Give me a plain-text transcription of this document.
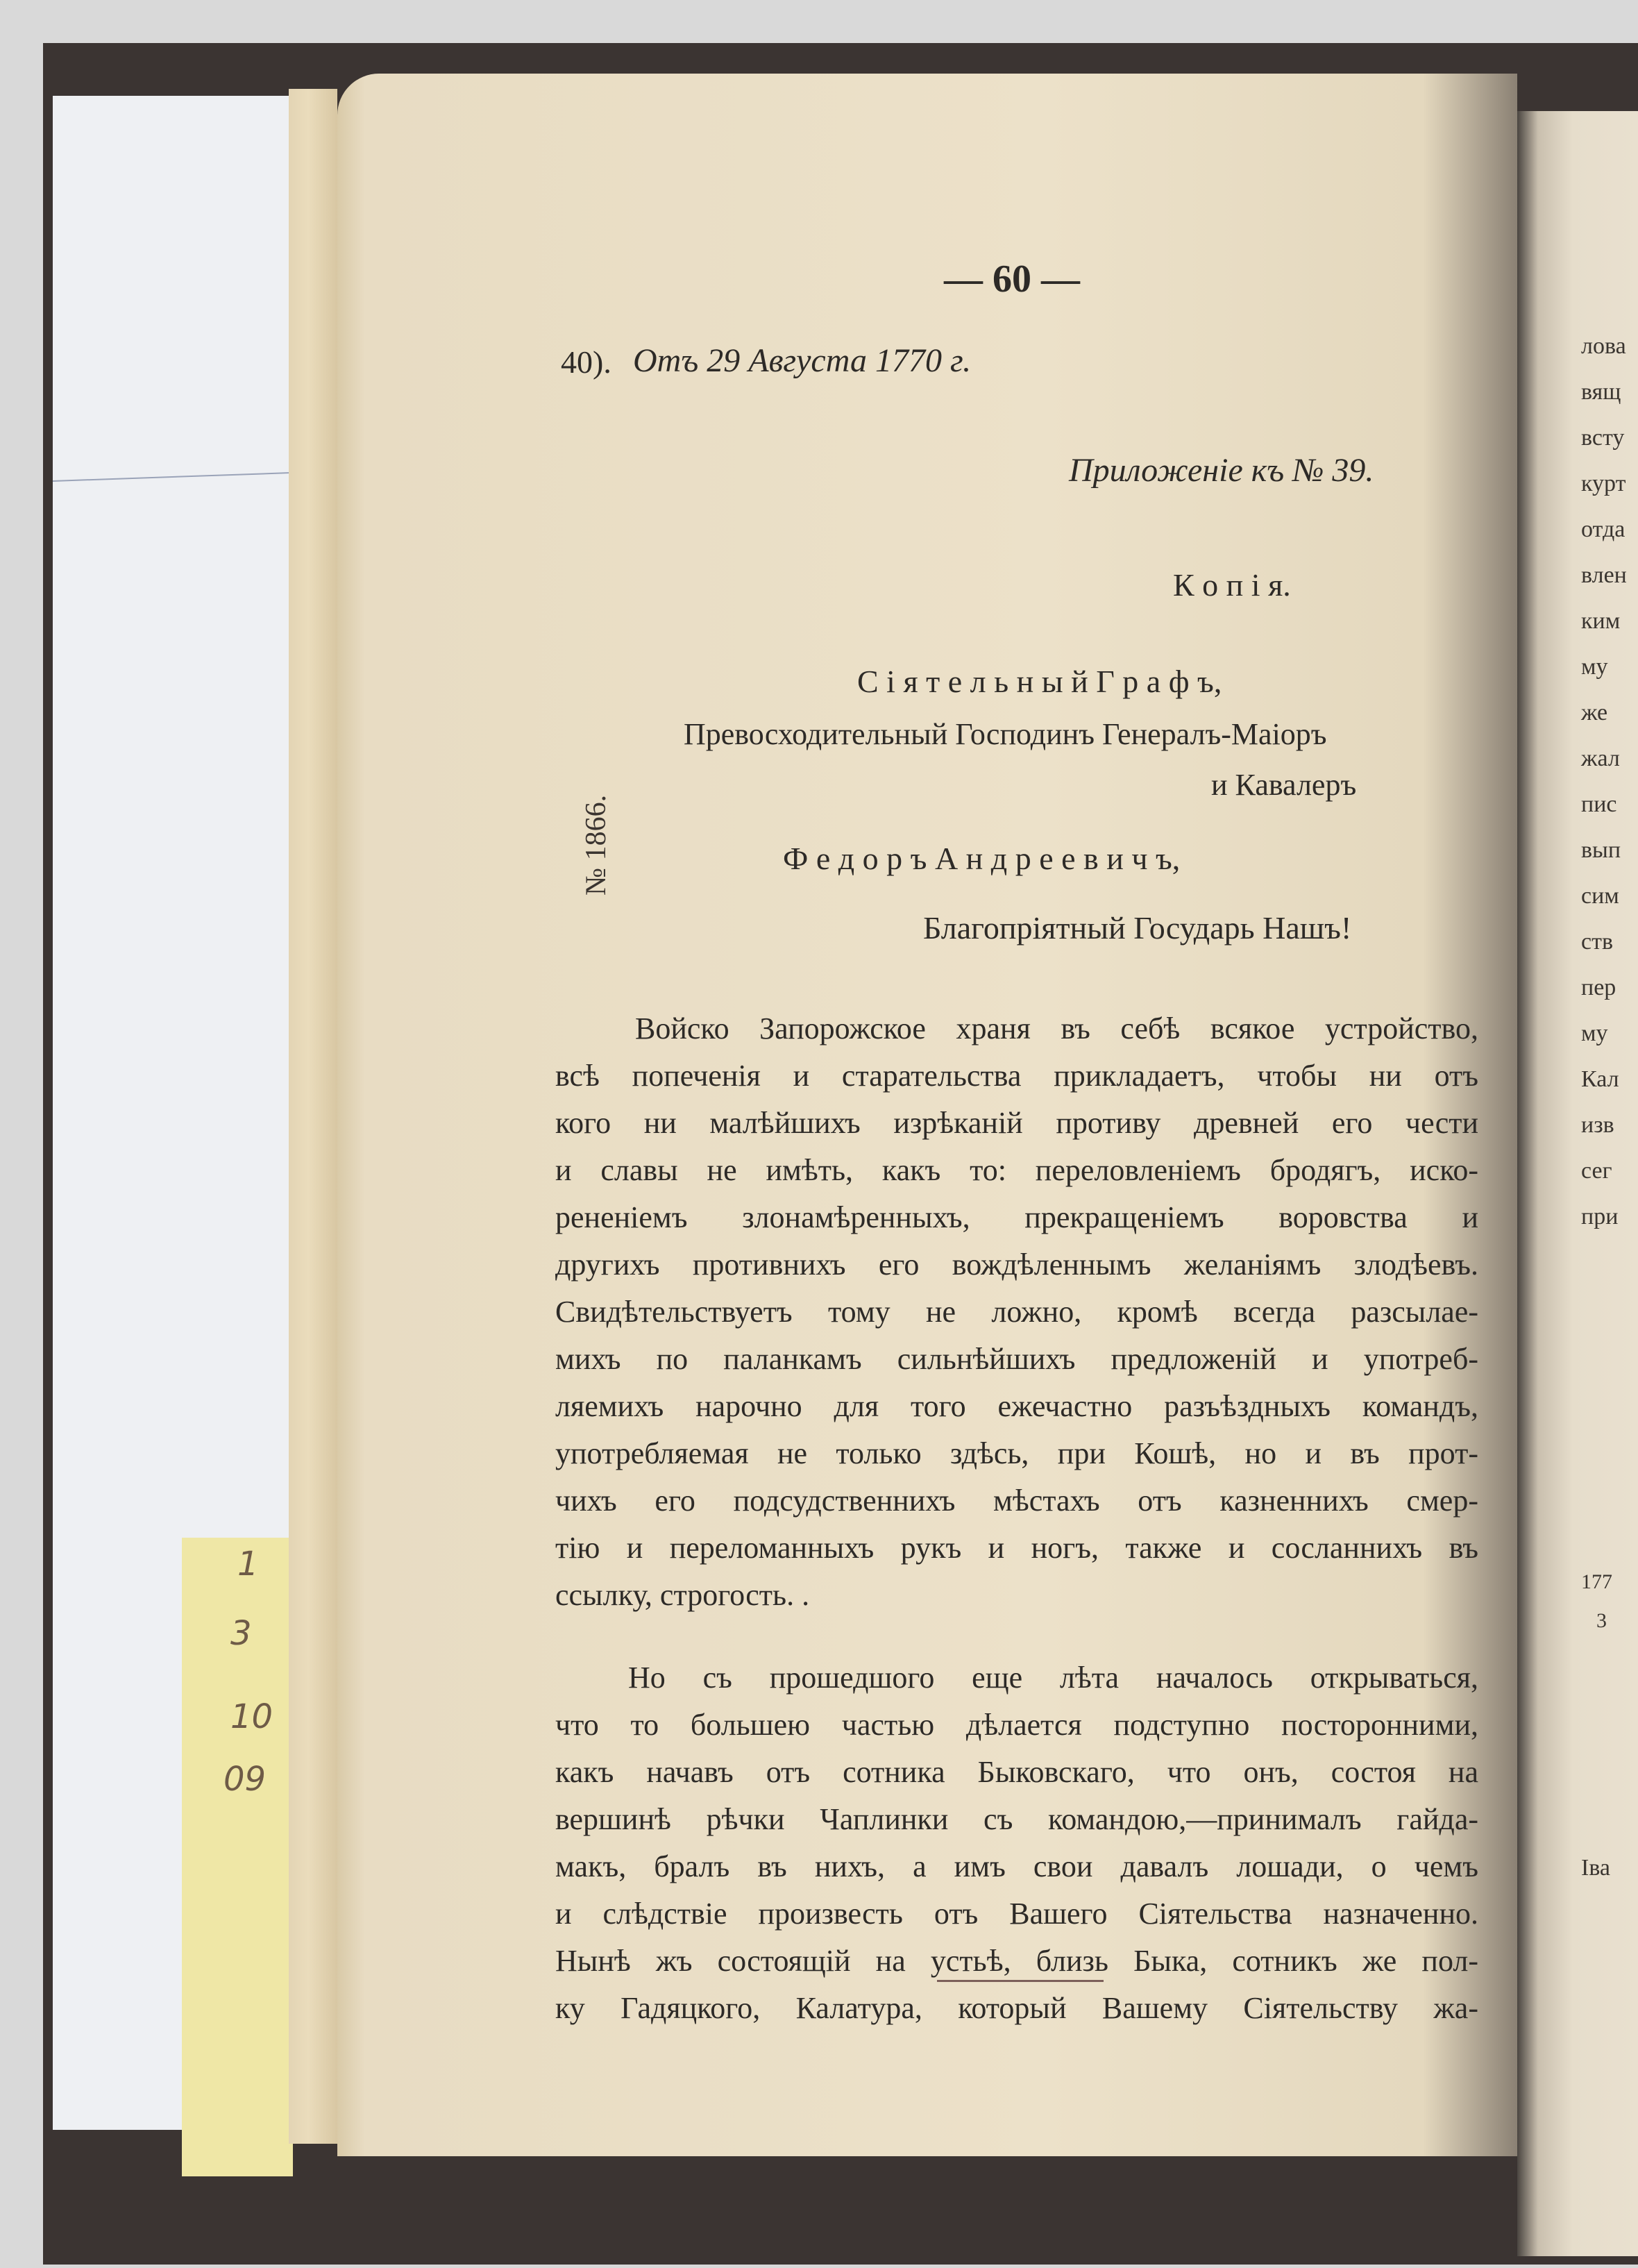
1
3
10
09
— 60 —
40). Отъ 29 Августа 1770 г.
Приложеніе къ № 39.
К о п і я.
С і я т е л ь н ы й Г р а ф ъ,
Превосходительный Господинъ Генералъ-Маіоръ
и Кавалеръ
Ф е д о р ъ А н д р е е в и ч ъ,
Благопріятный Государь Нашъ!
№ 1866.
Войско Запорожское храня въ себѣ всякое устройство,
всѣ попеченія и старательства прикладаетъ, чтобы ни отъ
кого ни малѣйшихъ изрѣканій противу древней его чести
и славы не имѣть, какъ то: переловленіемъ бродягъ, иско-
рененіемъ злонамѣренныхъ, прекращеніемъ воровства и
другихъ противнихъ его вождѣленнымъ желаніямъ злодѣевъ.
Свидѣтельствуетъ тому не ложно, кромѣ всегда разсылае-
михъ по паланкамъ сильнѣйшихъ предложеній и употреб-
ляемихъ нарочно для того ежечастно разъѣздныхъ командъ,
употребляемая не только здѣсь, при Кошѣ, но и въ прот-
чихъ его подсудственнихъ мѣстахъ отъ казненнихъ смер-
тію и переломанныхъ рукъ и ногъ, также и сосланнихъ въ
ссылку, строгость. .
Но съ прошедшого еще лѣта началось открываться,
что то большею частью дѣлается подступно посторонними,
какъ начавъ отъ сотника Быковскаго, что онъ, состоя на
вершинѣ рѣчки Чаплинки съ командою,—принималъ гайда-
макъ, бралъ въ нихъ, а имъ свои давалъ лошади, о чемъ
и слѣдствіе произвесть отъ Вашего Сіятельства назначенно.
Нынѣ жъ состоящій на устьѣ, близь Быка, сотникъ же пол-
ку Гадяцкого, Калатура, который Вашему Сіятельству жа-
лова
вящ
всту
курт
отда
влен
ким
му
же
жал
пис
вып
сим
ств
пер
му
Кал
изв
сег
при
177
3
Іва
